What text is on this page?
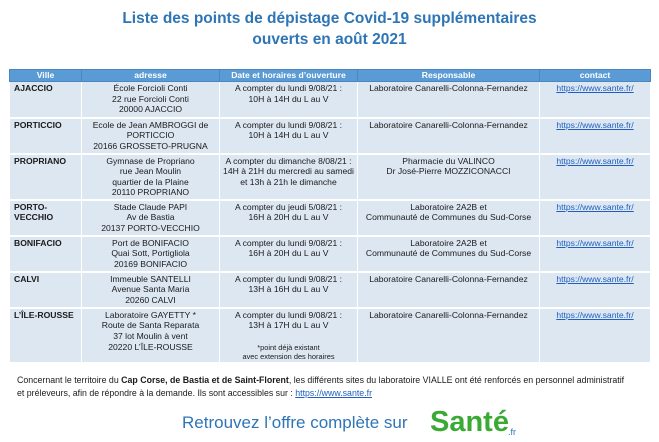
Liste des points de dépistage Covid-19 supplémentaires
ouverts en août 2021
Ville	adresse	Date et horaires d’ouverture	Responsable	contact
AJACCIO	École Forcioli Conti
22 rue Forcioli Conti
20000 AJACCIO	A compter du lundi 9/08/21 :
10H à 14H du L au V	Laboratoire Canarelli-Colonna-Fernandez	https://www.sante.fr/
PORTICCIO	Ecole de Jean AMBROGGI de
PORTICCIO
20166 GROSSETO-PRUGNA	A compter du lundi 9/08/21 :
10H à 14H du L au V	Laboratoire Canarelli-Colonna-Fernandez	https://www.sante.fr/
PROPRIANO	Gymnase de Propriano
rue Jean Moulin
quartier de la Plaine
20110 PROPRIANO	A compter du dimanche 8/08/21 :
14H à 21H du mercredi au samedi
et 13h à 21h le dimanche	Pharmacie du VALINCO
Dr José-Pierre MOZZICONACCI	https://www.sante.fr/
PORTO-VECCHIO	Stade Claude PAPI
Av de Bastia
20137 PORTO-VECCHIO	A compter du jeudi 5/08/21 :
16H à 20H du L au V	Laboratoire 2A2B et
Communauté de Communes du Sud-Corse	https://www.sante.fr/
BONIFACIO	Port de BONIFACIO
Quai Sott, Portigliola
20169 BONIFACIO	A compter du lundi 9/08/21 :
16H à 20H du L au V	Laboratoire 2A2B et
Communauté de Communes du Sud-Corse	https://www.sante.fr/
CALVI	Immeuble SANTELLI
Avenue Santa Maria
20260 CALVI	A compter du lundi 9/08/21 :
13H à 16H du L au V	Laboratoire Canarelli-Colonna-Fernandez	https://www.sante.fr/
L’ÎLE-ROUSSE	Laboratoire GAYETTY *
Route de Santa Reparata
37 lot Moulin à vent
20220 L’ÎLE-ROUSSE	A compter du lundi 9/08/21 :
13H à 17H du L au V
*point déjà existant
avec extension des horaires	Laboratoire Canarelli-Colonna-Fernandez	https://www.sante.fr/
Concernant le territoire du Cap Corse, de Bastia et de Saint-Florent, les différents sites du laboratoire VIALLE ont été renforcés en personnel administratif
et préleveurs, afin de répondre à la demande. Ils sont accessibles sur : https://www.sante.fr
Retrouvez l’offre complète sur Santé .fr
